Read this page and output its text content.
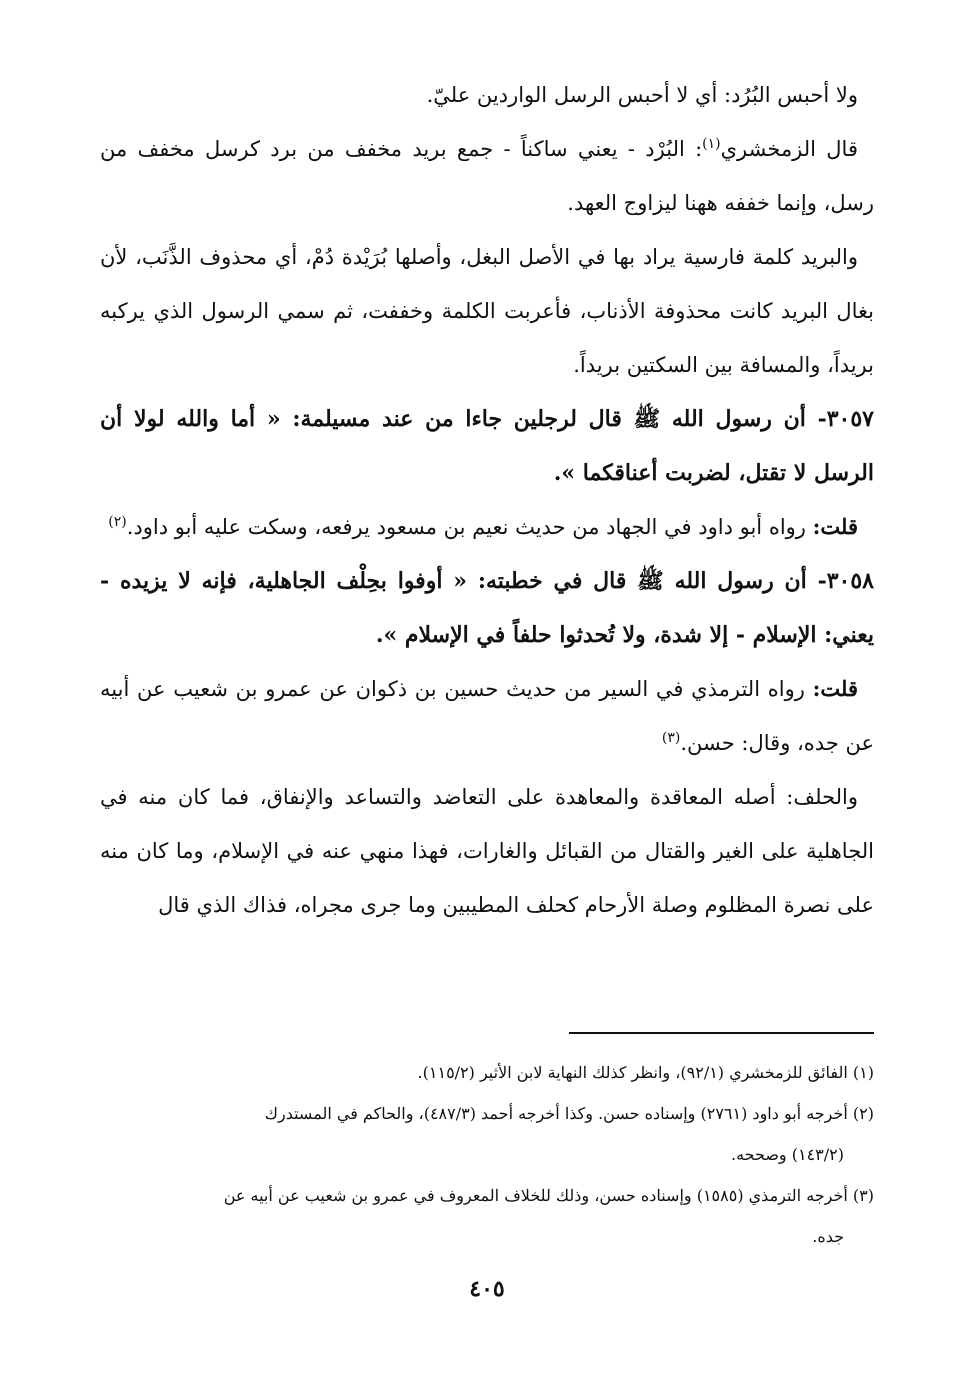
ولا أحبس البُرُد: أي لا أحبس الرسل الواردين عليّ.

قال الزمخشري$^{(١)}$: البُرْد - يعني ساكناً - جمع بريد مخفف من برد كرسل مخفف من رسل، وإنما خففه ههنا ليزاوج العهد.

والبريد كلمة فارسية يراد بها في الأصل البغل، وأصلها بُرَيْدة دُمْ، أي محذوف الذَّنَب، لأن بغال البريد كانت محذوفة الأذناب، فأعربت الكلمة وخففت، ثم سمي الرسول الذي يركبه بريداً، والمسافة بين السكتين بريداً.

٣٠٥٧- أن رسول الله ﷺ قال لرجلين جاءا من عند مسيلمة: « أما والله لولا أن الرسل لا تقتل، لضربت أعناقكما ».

قلت: رواه أبو داود في الجهاد من حديث نعيم بن مسعود يرفعه، وسكت عليه أبو داود.$^{(٢)}$

٣٠٥٨- أن رسول الله ﷺ قال في خطبته: « أوفوا بحِلْف الجاهلية، فإنه لا يزيده - يعني: الإسلام - إلا شدة، ولا تُحدثوا حلفاً في الإسلام ».

قلت: رواه الترمذي في السير من حديث حسين بن ذكوان عن عمرو بن شعيب عن أبيه عن جده، وقال: حسن.$^{(٣)}$

والحلف: أصله المعاقدة والمعاهدة على التعاضد والتساعد والإنفاق، فما كان منه في الجاهلية على الغير والقتال من القبائل والغارات، فهذا منهي عنه في الإسلام، وما كان منه على نصرة المظلوم وصلة الأرحام كحلف المطيبين وما جرى مجراه، فذاك الذي قال

(١) الفائق للزمخشري (٩٢/١)، وانظر كذلك النهاية لابن الأثير (١١٥/٢).

(٢) أخرجه أبو داود (٢٧٦١) وإسناده حسن. وكذا أخرجه أحمد (٤٨٧/٣)، والحاكم في المستدرك

(١٤٣/٢) وصححه.

(٣) أخرجه الترمذي (١٥٨٥) وإسناده حسن، وذلك للخلاف المعروف في عمرو بن شعيب عن أبيه عن

جده.

٤٠٥
